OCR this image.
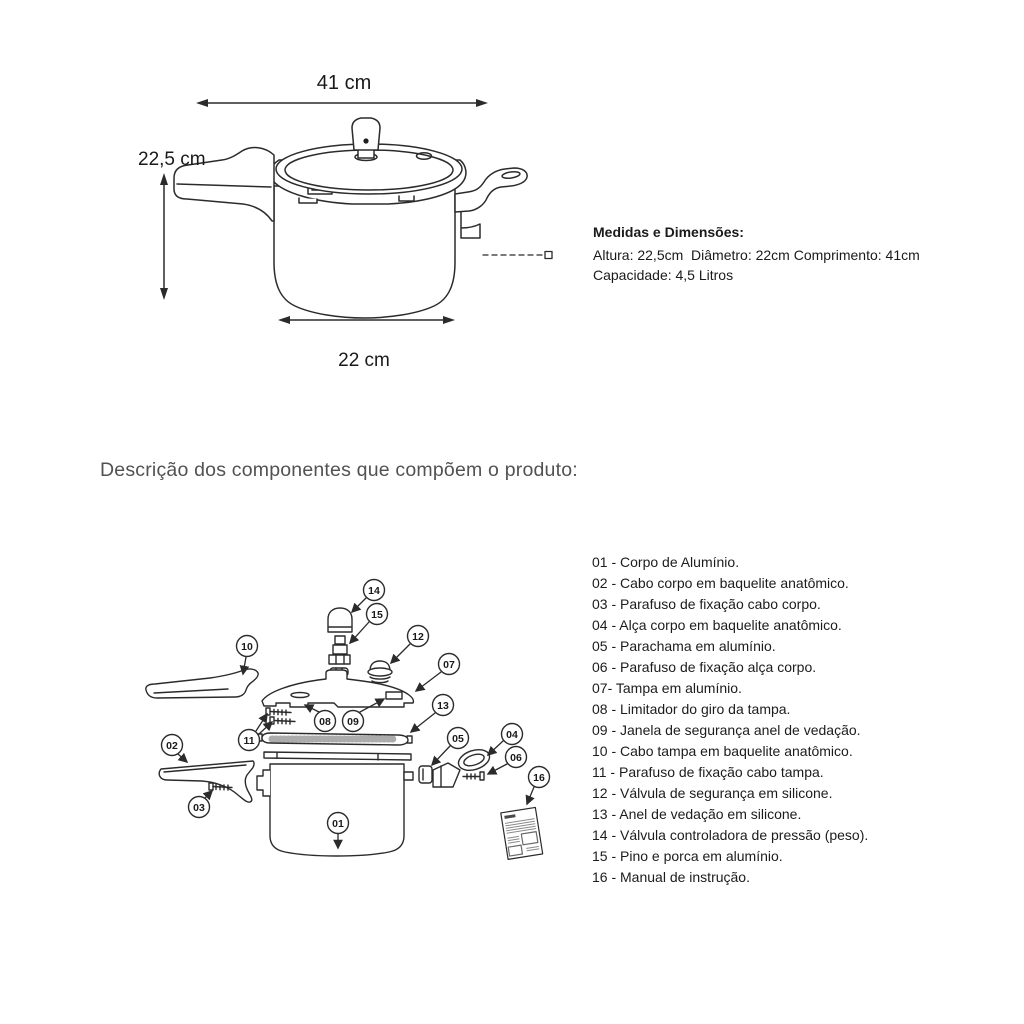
41 cm
22,5 cm
22 cm
01
02
03
04
05
06
07
08 09
10
11
12
13
14
15
16
Medidas e Dimensões:
Altura: 22,5cm  Diâmetro: 22cm Comprimento: 41cm
Capacidade: 4,5 Litros
Descrição dos componentes que compõem o produto:
01 - Corpo de Alumínio.
02 - Cabo corpo em baquelite anatômico.
03 - Parafuso de fixação cabo corpo.
04 - Alça corpo em baquelite anatômico.
05 - Parachama em alumínio.
06 - Parafuso de fixação alça corpo.
07- Tampa em alumínio.
08 - Limitador do giro da tampa.
09 - Janela de segurança anel de vedação.
10 - Cabo tampa em baquelite anatômico.
11 - Parafuso de fixação cabo tampa.
12 - Válvula de segurança em silicone.
13 - Anel de vedação em silicone.
14 - Válvula controladora de pressão (peso).
15 - Pino e porca em alumínio.
16 - Manual de instrução.
